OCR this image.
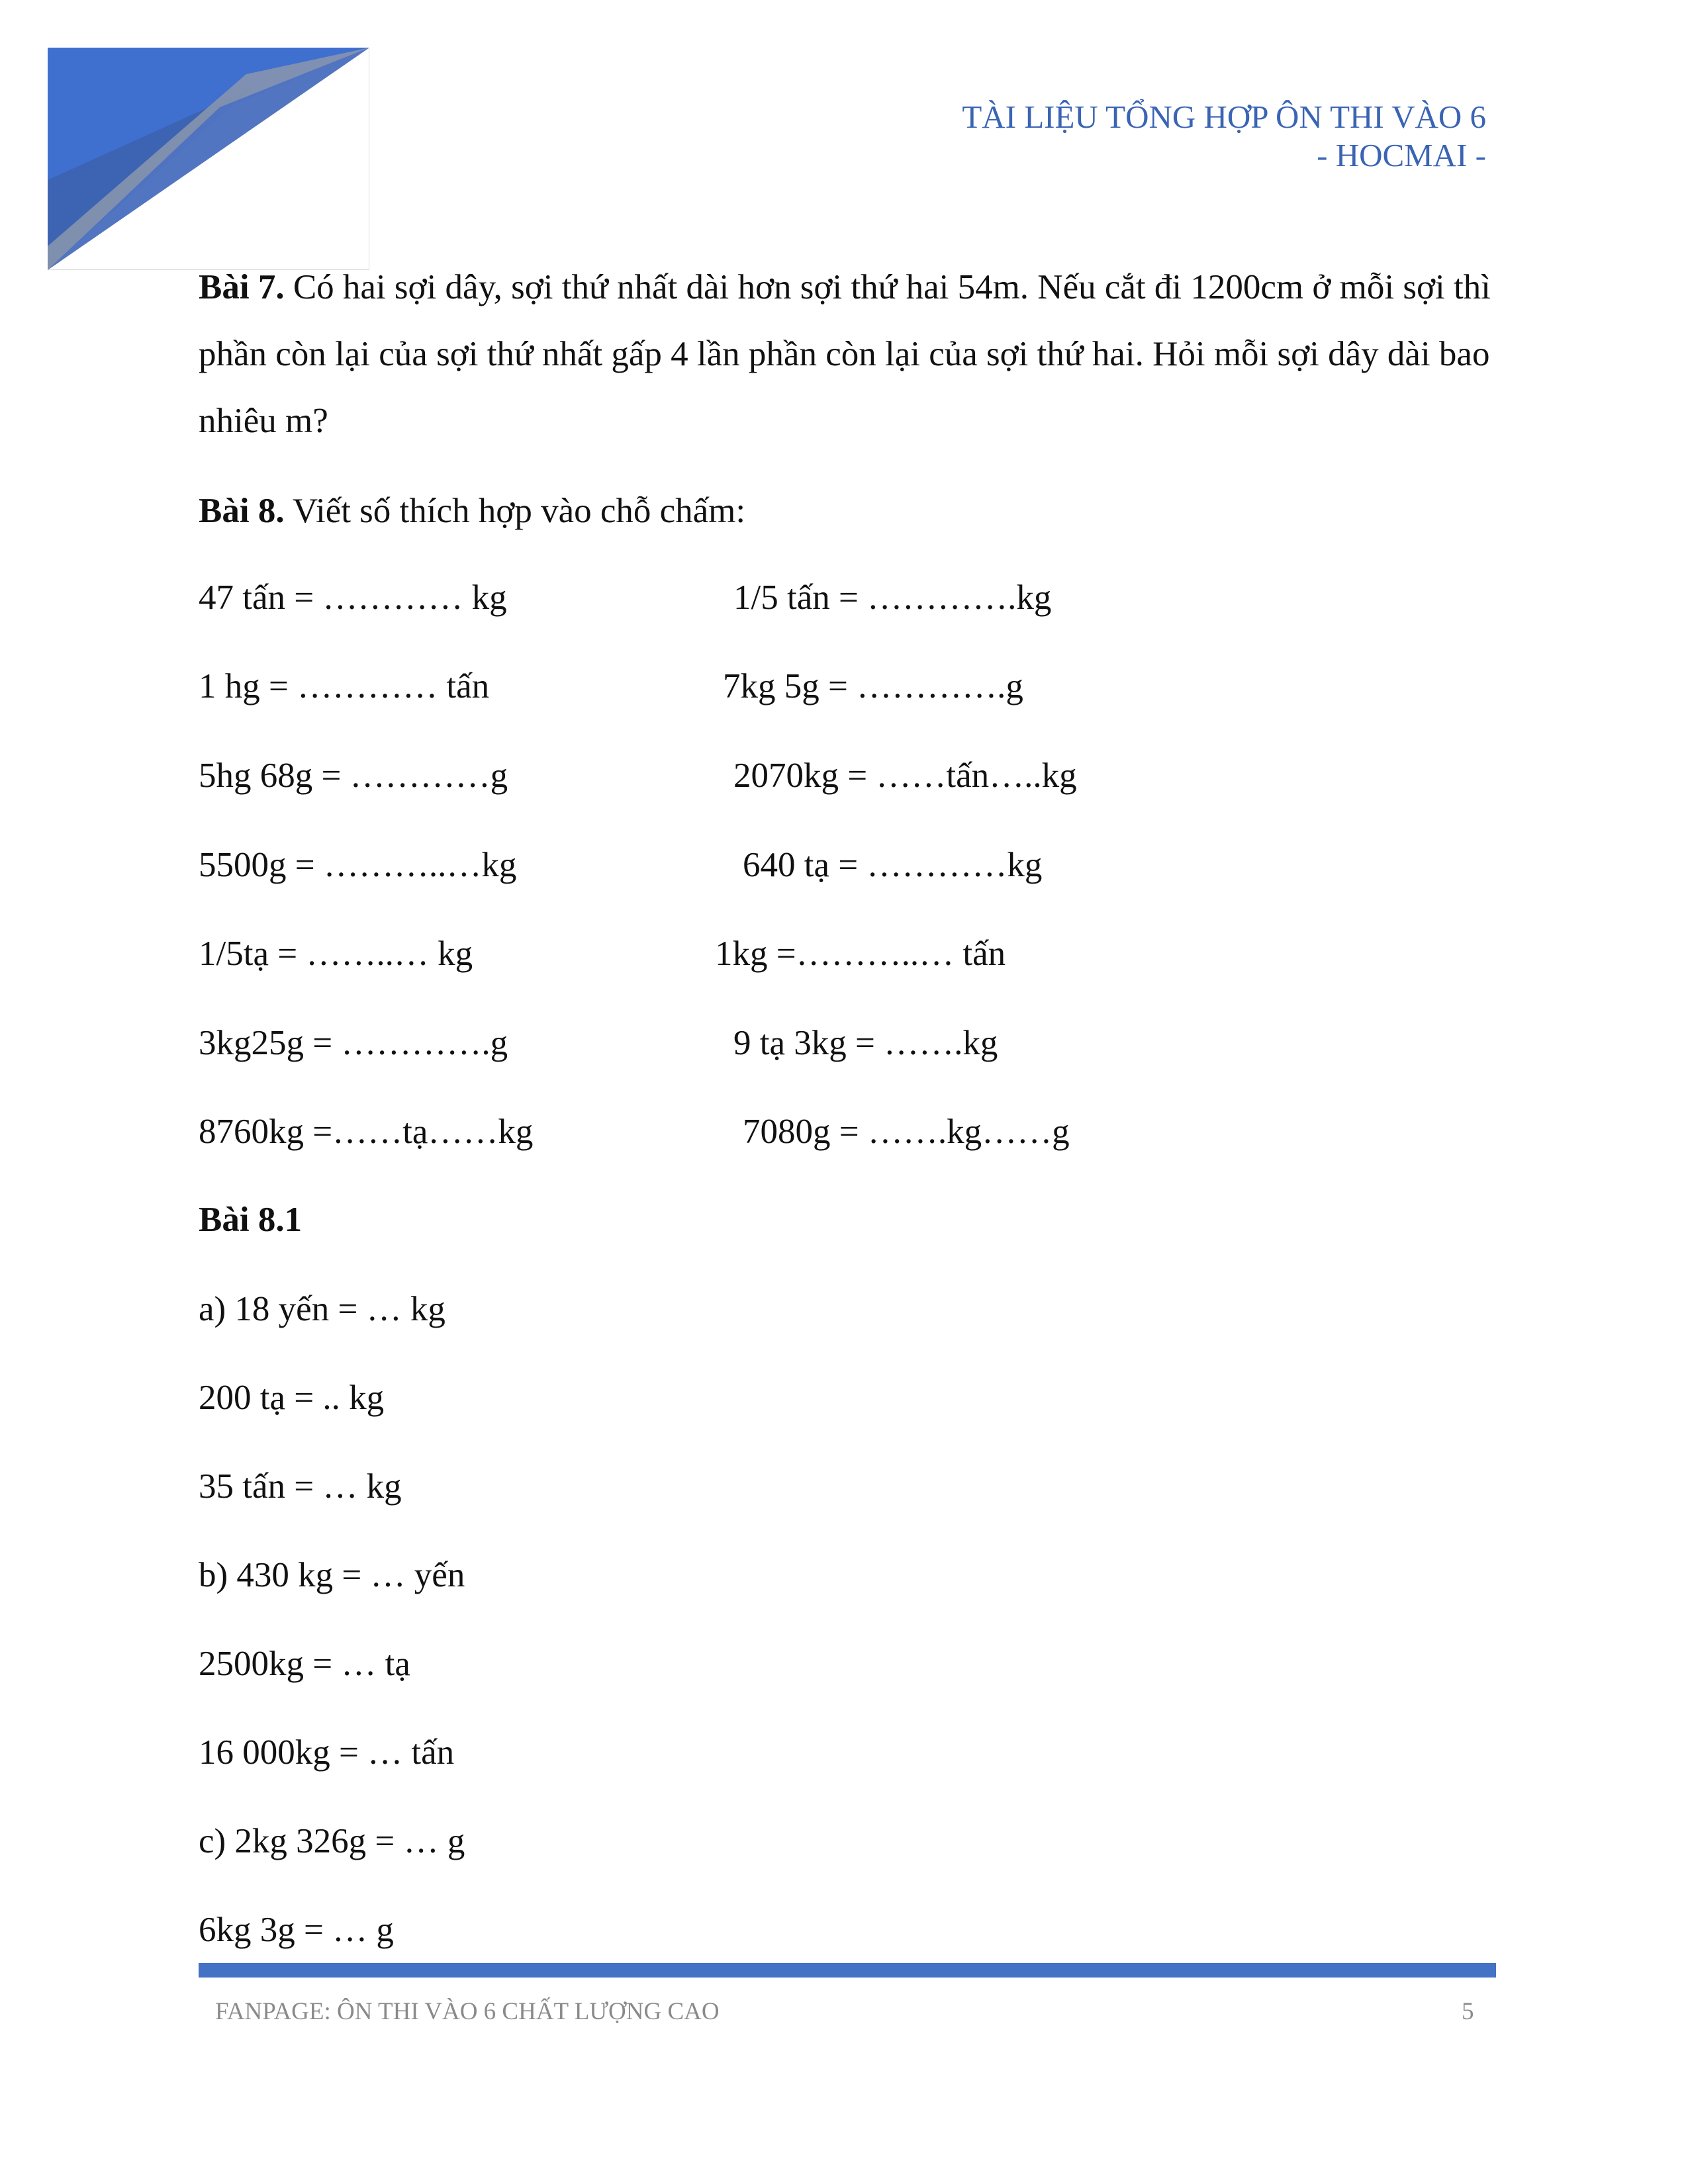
TÀI LIỆU TỔNG HỢP ÔN THI VÀO 6
- HOCMAI -

Bài 7. Có hai sợi dây, sợi thứ nhất dài hơn sợi thứ hai 54m. Nếu cắt đi 1200cm ở mỗi sợi thì phần còn lại của sợi thứ nhất gấp 4 lần phần còn lại của sợi thứ hai. Hỏi mỗi sợi dây dài bao nhiêu m?

Bài 8. Viết số thích hợp vào chỗ chấm:

47 tấn = ………… kg	1/5 tấn = ………….kg
1 hg = ………… tấn	7kg 5g = ………….g
5hg 68g = …………g	2070kg = ……tấn…..kg
5500g = ………..…kg	640 tạ = …………kg
1/5tạ = ……..… kg	1kg =………..… tấn
3kg25g = ………….g	9 tạ 3kg = …….kg
8760kg =……tạ……kg	7080g = …….kg……g
Bài 8.1
a) 18 yến = … kg
200 tạ = .. kg
35 tấn = … kg
b) 430 kg = … yến
2500kg = … tạ
16 000kg = … tấn
c) 2kg 326g = … g
6kg 3g = … g
FANPAGE: ÔN THI VÀO 6 CHẤT LƯỢNG CAO	5
